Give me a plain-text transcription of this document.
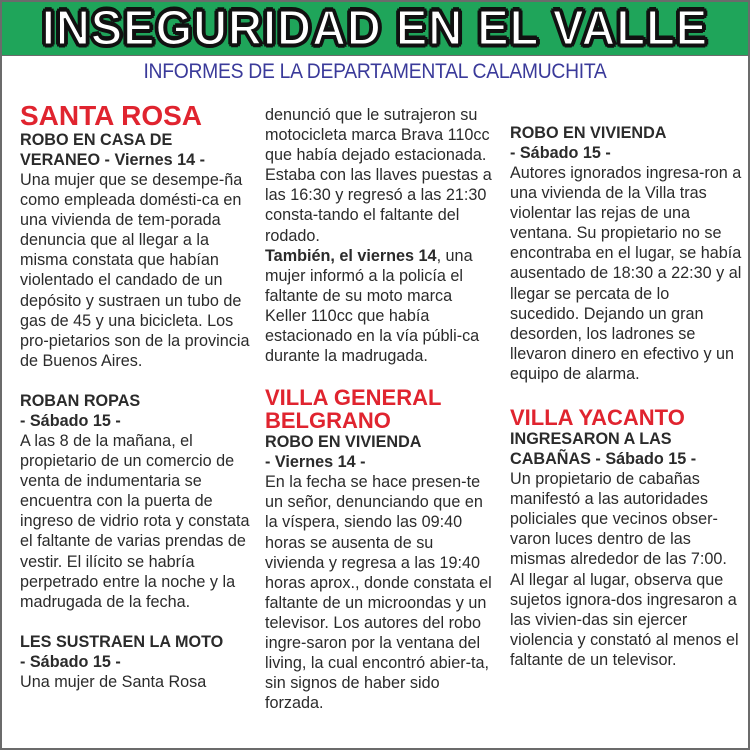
INSEGURIDAD EN EL VALLE
INFORMES DE LA DEPARTAMENTAL CALAMUCHITA
SANTA ROSA
ROBO EN CASA DE
VERANEO - Viernes 14 -

Una mujer que se desempe-ña como empleada domésti-ca en una vivienda de tem-porada denuncia que al llegar a la misma constata que habían violentado el candado de un depósito y sustraen un tubo de gas de 45 y una bicicleta. Los pro-pietarios son de la provincia de Buenos Aires.

ROBAN ROPAS
- Sábado 15 -

A las 8 de la mañana, el propietario de un comercio de venta de indumentaria se encuentra con la puerta de ingreso de vidrio rota y constata el faltante de varias prendas de vestir. El ilícito se habría perpetrado entre la noche y la madrugada de la fecha.

LES SUSTRAEN LA MOTO
- Sábado 15 -

Una mujer de Santa Rosa

denunció que le sutrajeron su motocicleta marca Brava 110cc que había dejado estacionada. Estaba con las llaves puestas a las 16:30 y regresó a las 21:30 consta-tando el faltante del rodado.

También, el viernes 14, una mujer informó a la policía el faltante de su moto marca Keller 110cc que había estacionado en la vía públi-ca durante la madrugada.

VILLA GENERAL
BELGRANO
ROBO EN VIVIENDA
- Viernes 14 -

En la fecha se hace presen-te un señor, denunciando que en la víspera, siendo las 09:40 horas se ausenta de su vivienda y regresa a las 19:40 horas aprox., donde constata el faltante de un microondas y un televisor. Los autores del robo ingre-saron por la ventana del living, la cual encontró abier-ta, sin signos de haber sido forzada.

ROBO EN VIVIENDA
- Sábado 15 -

Autores ignorados ingresa-ron a una vivienda de la Villa tras violentar las rejas de una ventana. Su propietario no se encontraba en el lugar, se había ausentado de 18:30 a 22:30 y al llegar se percata de lo sucedido. Dejando un gran desorden, los ladrones se llevaron dinero en efectivo y un equipo de alarma.

VILLA YACANTO
INGRESARON A LAS
CABAÑAS - Sábado 15 -

Un propietario de cabañas manifestó a las autoridades policiales que vecinos obser-varon luces dentro de las mismas alrededor de las 7:00. Al llegar al lugar, observa que sujetos ignora-dos ingresaron a las vivien-das sin ejercer violencia y constató al menos el faltante de un televisor.
